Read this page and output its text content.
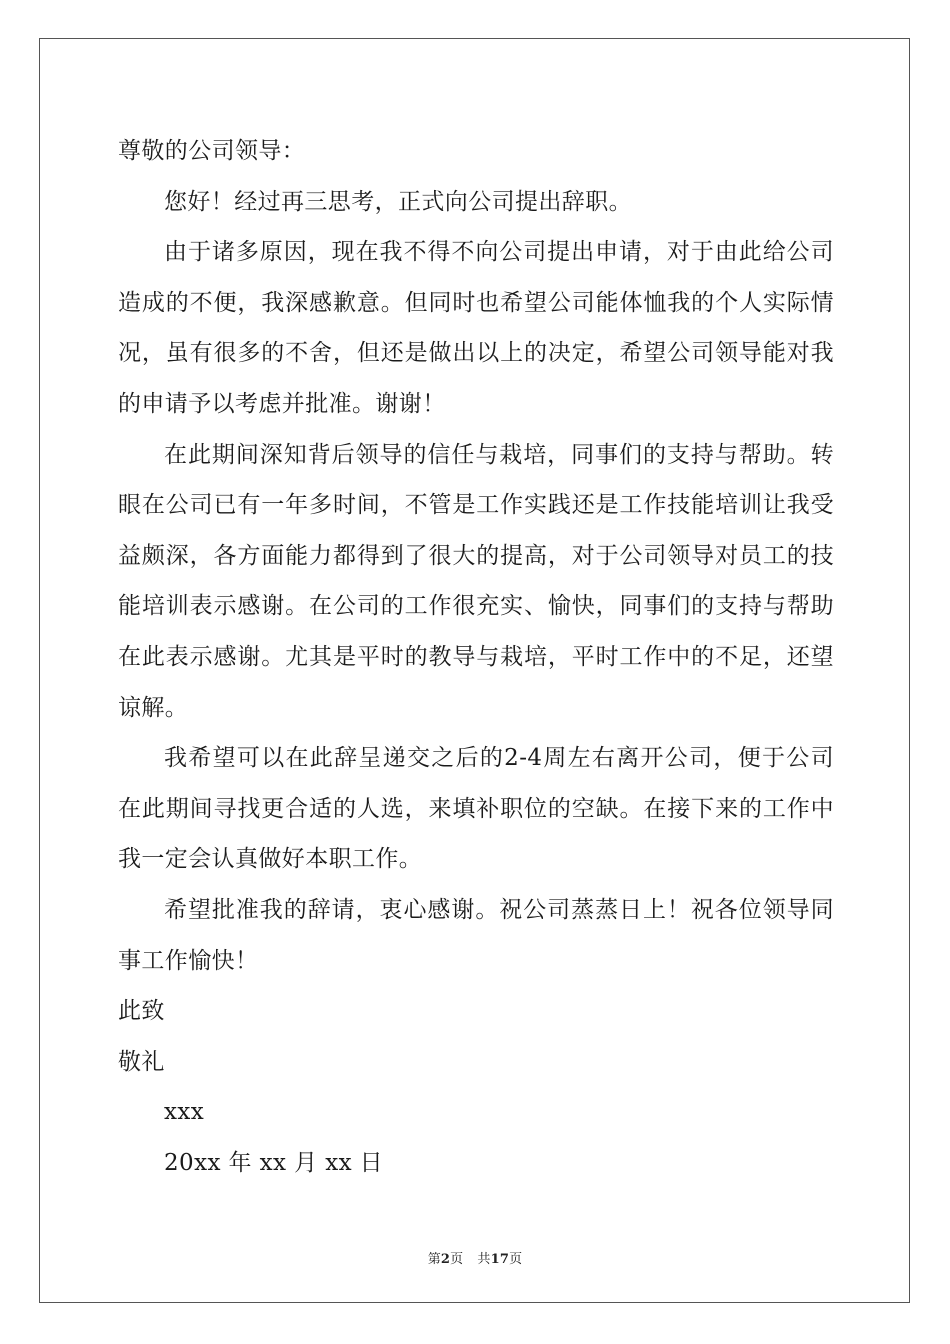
尊敬的公司领导：

您好！经过再三思考，正式向公司提出辞职。

由于诸多原因，现在我不得不向公司提出申请，对于由此给公司造成的不便，我深感歉意。但同时也希望公司能体恤我的个人实际情况，虽有很多的不舍，但还是做出以上的决定，希望公司领导能对我的申请予以考虑并批准。谢谢！

在此期间深知背后领导的信任与栽培，同事们的支持与帮助。转眼在公司已有一年多时间，不管是工作实践还是工作技能培训让我受益颇深，各方面能力都得到了很大的提高，对于公司领导对员工的技能培训表示感谢。在公司的工作很充实、愉快，同事们的支持与帮助在此表示感谢。尤其是平时的教导与栽培，平时工作中的不足，还望谅解。

我希望可以在此辞呈递交之后的2-4周左右离开公司，便于公司在此期间寻找更合适的人选，来填补职位的空缺。在接下来的工作中我一定会认真做好本职工作。

希望批准我的辞请，衷心感谢。祝公司蒸蒸日上！祝各位领导同事工作愉快！

此致

敬礼

xxx

20xx 年 xx 月 xx 日

第2页 共17页
